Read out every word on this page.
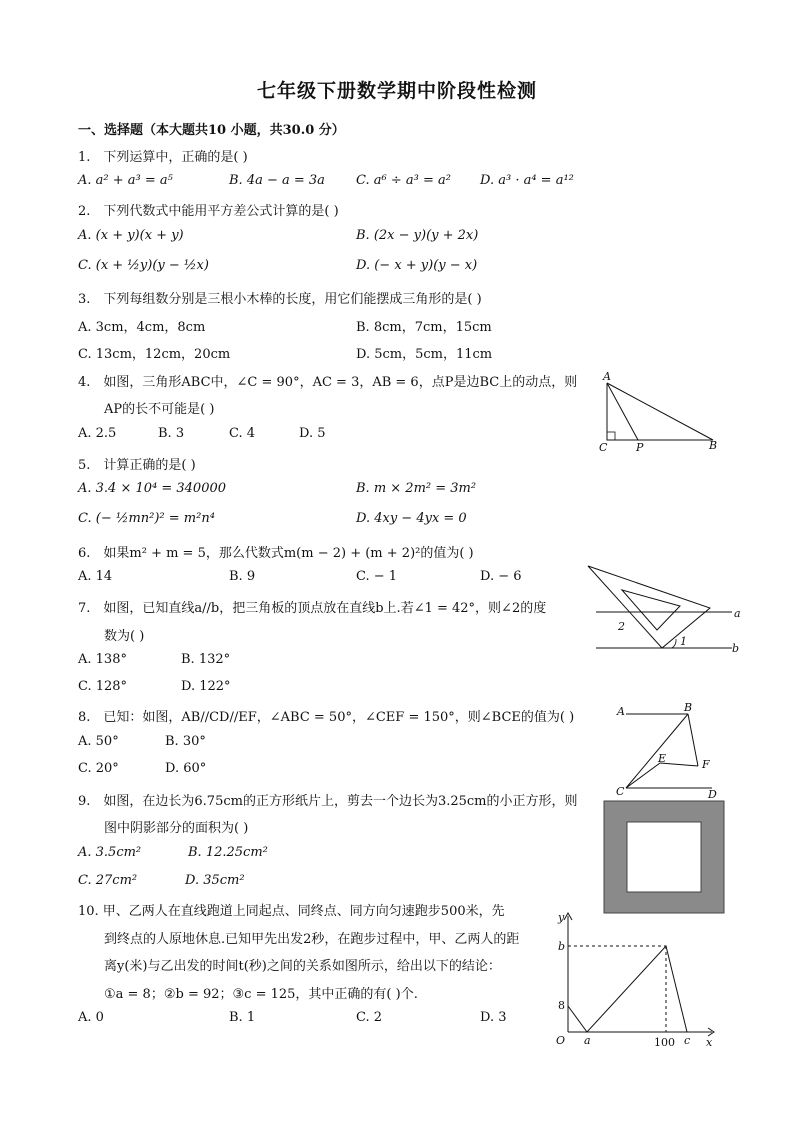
七年级下册数学期中阶段性检测
一、选择题（本大题共10 小题，共30.0 分）
1.　下列运算中，正确的是( )
A. a² + a³ = a⁵	B. 4a − a = 3a C. a⁶ ÷ a³ = a² D. a³ · a⁴ = a¹²
2.　下列代数式中能用平方差公式计算的是( )
A. (x + y)(x + y)	B. (2x − y)(y + 2x)
C. (x + ½y)(y − ½x)	D. (− x + y)(y − x)
3.　下列每组数分别是三根小木棒的长度，用它们能摆成三角形的是( )
A. 3cm，4cm，8cm	B. 8cm，7cm，15cm
C. 13cm，12cm，20cm	D. 5cm，5cm，11cm
4.　如图，三角形ABC中，∠C = 90°，AC = 3，AB = 6，点P是边BC上的动点，则
AP的长不可能是( )
A. 2.5	B. 3	C. 4	D. 5
A
C	P	B
5.　计算正确的是( )
A. 3.4 × 10⁴ = 340000	B. m × 2m² = 3m²
C. (− ½mn²)² = m²n⁴	D. 4xy − 4yx = 0
6.　如果m² + m = 5，那么代数式m(m − 2) + (m + 2)²的值为( )
A. 14	B. 9	C. − 1	D. − 6
7.　如图，已知直线a//b，把三角板的顶点放在直线b上.若∠1 = 42°，则∠2的度
数为( )
A. 138°	B. 132°
C. 128°	D. 122°
a
b
1
2
8.　已知：如图，AB//CD//EF，∠ABC = 50°，∠CEF = 150°，则∠BCE的值为( )
A. 50°	B. 30°
C. 20°	D. 60°
A	B
C	D
E	F
9.　如图，在边长为6.75cm的正方形纸片上，剪去一个边长为3.25cm的小正方形，则
图中阴影部分的面积为( )
A. 3.5cm²	B. 12.25cm²
C. 27cm²	D. 35cm²
10. 甲、乙两人在直线跑道上同起点、同终点、同方向匀速跑步500米，先
到终点的人原地休息.已知甲先出发2秒，在跑步过程中，甲、乙两人的距
离y(米)与乙出发的时间t(秒)之间的关系如图所示，给出以下的结论：
①a = 8；②b = 92；③c = 125，其中正确的有( )个.
A. 0	B. 1	C. 2	D. 3
y
b
8
O a	100 c x
